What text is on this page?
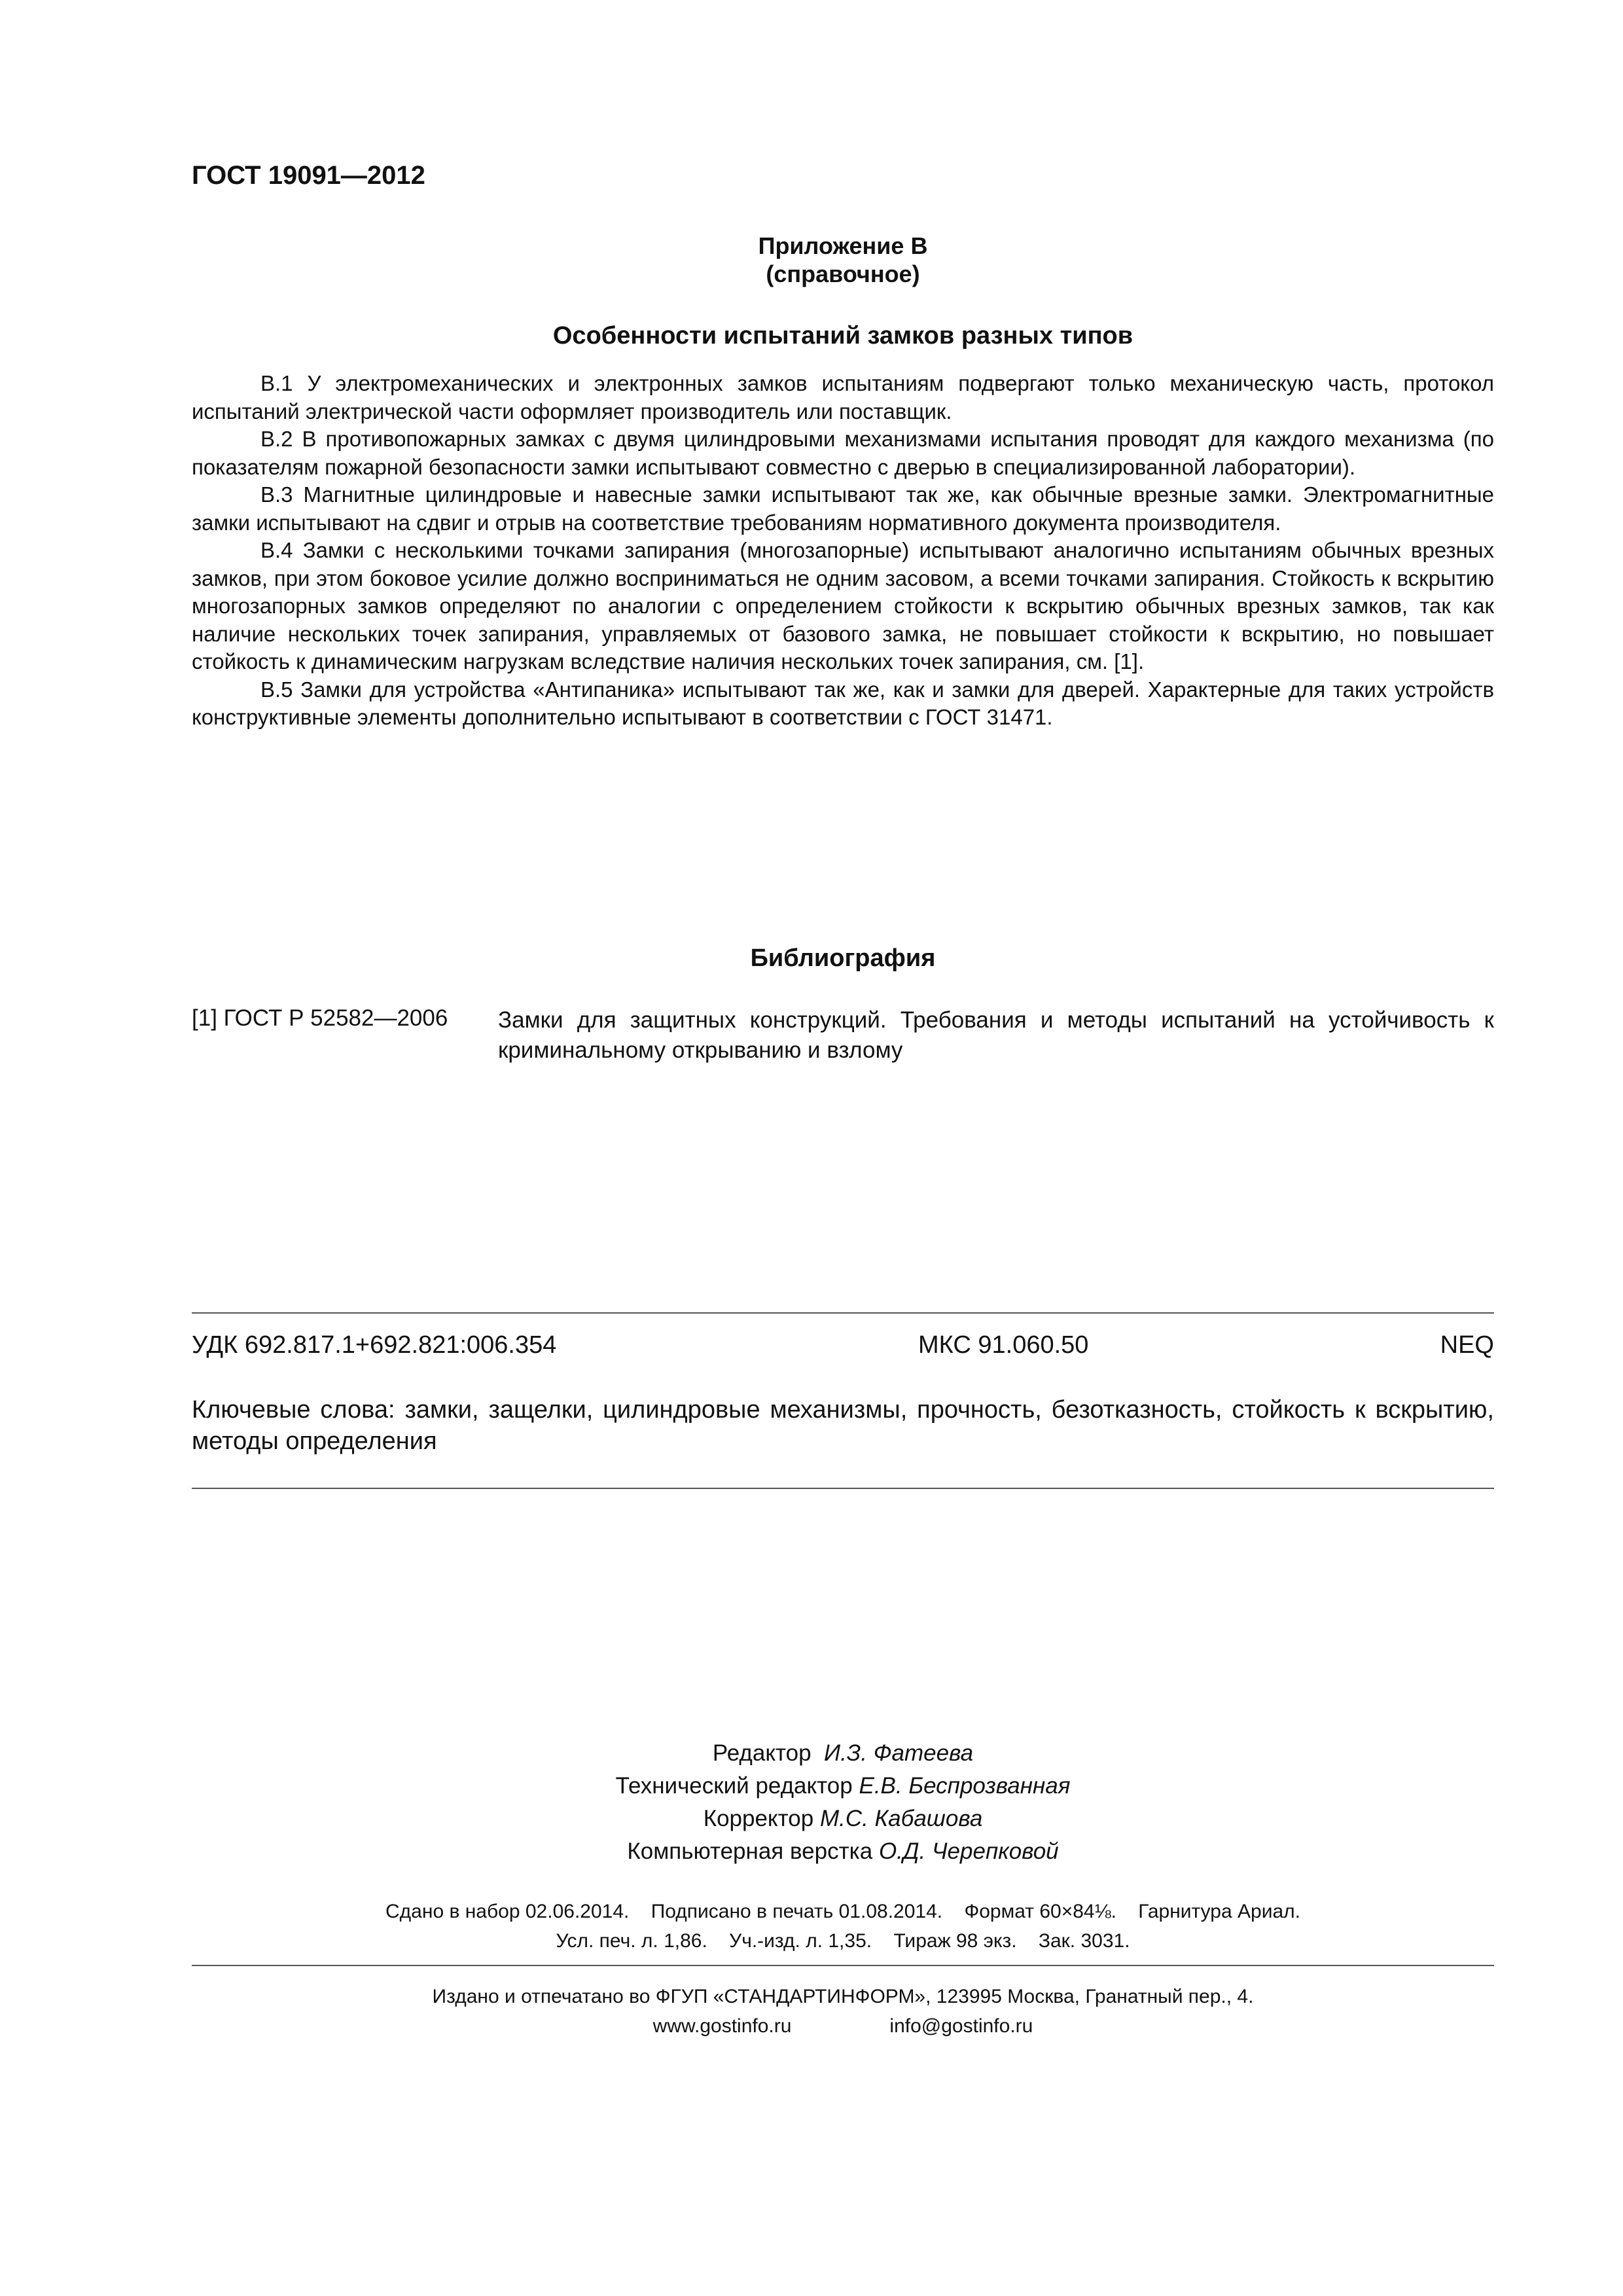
ГОСТ 19091—2012
Приложение В
(справочное)
Особенности испытаний замков разных типов

В.1 У электромеханических и электронных замков испытаниям подвергают только механическую часть, протокол испытаний электрической части оформляет производитель или поставщик.

В.2 В противопожарных замках с двумя цилиндровыми механизмами испытания проводят для каждого механизма (по показателям пожарной безопасности замки испытывают совместно с дверью в специализированной лаборатории).

В.3 Магнитные цилиндровые и навесные замки испытывают так же, как обычные врезные замки. Электромагнитные замки испытывают на сдвиг и отрыв на соответствие требованиям нормативного документа производителя.

В.4 Замки с несколькими точками запирания (многозапорные) испытывают аналогично испытаниям обычных врезных замков, при этом боковое усилие должно восприниматься не одним засовом, а всеми точками запирания. Стойкость к вскрытию многозапорных замков определяют по аналогии с определением стойкости к вскрытию обычных врезных замков, так как наличие нескольких точек запирания, управляемых от базового замка, не повышает стойкости к вскрытию, но повышает стойкость к динамическим нагрузкам вследствие наличия нескольких точек запирания, см. [1].

В.5 Замки для устройства «Антипаника» испытывают так же, как и замки для дверей. Характерные для таких устройств конструктивные элементы дополнительно испытывают в соответствии с ГОСТ 31471.

Библиография
[1] ГОСТ Р 52582—2006 Замки для защитных конструкций. Требования и методы испытаний на устойчивость к криминальному открыванию и взлому
УДК 692.817.1+692.821:006.354	МКС 91.060.50	NEQ
Ключевые слова: замки, защелки, цилиндровые механизмы, прочность, безотказность, стойкость к вскрытию, методы определения
Редактор И.З. Фатеева
Технический редактор Е.В. Беспрозванная
Корректор М.С. Кабашова
Компьютерная верстка О.Д. Черепковой
Сдано в набор 02.06.2014.    Подписано в печать 01.08.2014.    Формат 60×84⅛.    Гарнитура Ариал.
Усл. печ. л. 1,86.    Уч.-изд. л. 1,35.    Тираж 98 экз.    Зак. 3031.
Издано и отпечатано во ФГУП «СТАНДАРТИНФОРМ», 123995 Москва, Гранатный пер., 4.
www.gostinfo.ru	info@gostinfo.ru
